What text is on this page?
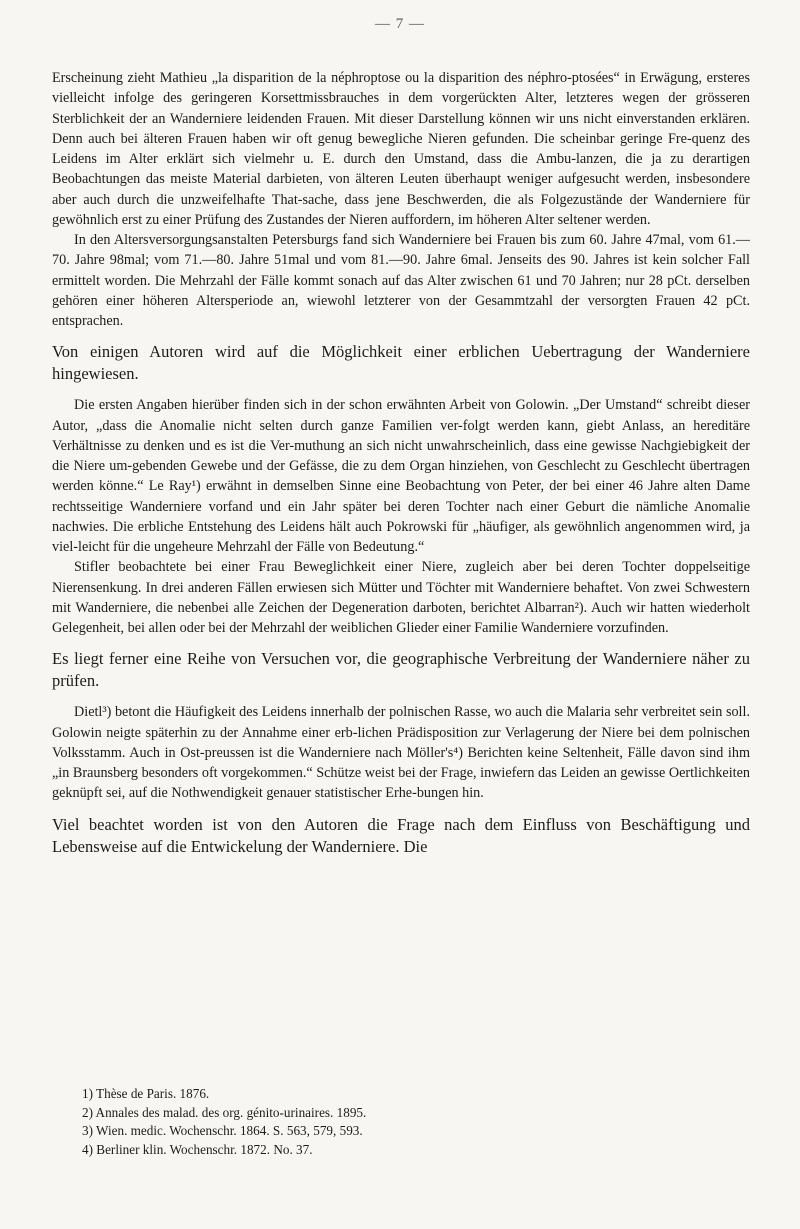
— 7 —

Erscheinung zieht Mathieu „la disparition de la néphroptose ou la disparition des néphro-ptosées“ in Erwägung, ersteres vielleicht infolge des geringeren Korsettmissbrauches in dem vorgerückten Alter, letzteres wegen der grösseren Sterblichkeit der an Wanderniere leidenden Frauen. Mit dieser Darstellung können wir uns nicht einverstanden erklären. Denn auch bei älteren Frauen haben wir oft genug bewegliche Nieren gefunden. Die scheinbar geringe Fre-quenz des Leidens im Alter erklärt sich vielmehr u. E. durch den Umstand, dass die Ambu-lanzen, die ja zu derartigen Beobachtungen das meiste Material darbieten, von älteren Leuten überhaupt weniger aufgesucht werden, insbesondere aber auch durch die unzweifelhafte That-sache, dass jene Beschwerden, die als Folgezustände der Wanderniere für gewöhnlich erst zu einer Prüfung des Zustandes der Nieren auffordern, im höheren Alter seltener werden.

In den Altersversorgungsanstalten Petersburgs fand sich Wanderniere bei Frauen bis zum 60. Jahre 47mal, vom 61.—70. Jahre 98mal; vom 71.—80. Jahre 51mal und vom 81.—90. Jahre 6mal. Jenseits des 90. Jahres ist kein solcher Fall ermittelt worden. Die Mehrzahl der Fälle kommt sonach auf das Alter zwischen 61 und 70 Jahren; nur 28 pCt. derselben gehören einer höheren Altersperiode an, wiewohl letzterer von der Gesammtzahl der versorgten Frauen 42 pCt. entsprachen.

Von einigen Autoren wird auf die Möglichkeit einer erblichen Uebertragung der Wanderniere hingewiesen.

Die ersten Angaben hierüber finden sich in der schon erwähnten Arbeit von Golowin. „Der Umstand“ schreibt dieser Autor, „dass die Anomalie nicht selten durch ganze Familien ver-folgt werden kann, giebt Anlass, an hereditäre Verhältnisse zu denken und es ist die Ver-muthung an sich nicht unwahrscheinlich, dass eine gewisse Nachgiebigkeit der die Niere um-gebenden Gewebe und der Gefässe, die zu dem Organ hinziehen, von Geschlecht zu Geschlecht übertragen werden könne.“ Le Ray¹) erwähnt in demselben Sinne eine Beobachtung von Peter, der bei einer 46 Jahre alten Dame rechtsseitige Wanderniere vorfand und ein Jahr später bei deren Tochter nach einer Geburt die nämliche Anomalie nachwies. Die erbliche Entstehung des Leidens hält auch Pokrowski für „häufiger, als gewöhnlich angenommen wird, ja viel-leicht für die ungeheure Mehrzahl der Fälle von Bedeutung.“

Stifler beobachtete bei einer Frau Beweglichkeit einer Niere, zugleich aber bei deren Tochter doppelseitige Nierensenkung. In drei anderen Fällen erwiesen sich Mütter und Töchter mit Wanderniere behaftet. Von zwei Schwestern mit Wanderniere, die nebenbei alle Zeichen der Degeneration darboten, berichtet Albarran²). Auch wir hatten wiederholt Gelegenheit, bei allen oder bei der Mehrzahl der weiblichen Glieder einer Familie Wanderniere vorzufinden.

Es liegt ferner eine Reihe von Versuchen vor, die geographische Verbreitung der Wanderniere näher zu prüfen.

Dietl³) betont die Häufigkeit des Leidens innerhalb der polnischen Rasse, wo auch die Malaria sehr verbreitet sein soll. Golowin neigte späterhin zu der Annahme einer erb-lichen Prädisposition zur Verlagerung der Niere bei dem polnischen Volksstamm. Auch in Ost-preussen ist die Wanderniere nach Möller's⁴) Berichten keine Seltenheit, Fälle davon sind ihm „in Braunsberg besonders oft vorgekommen.“ Schütze weist bei der Frage, inwiefern das Leiden an gewisse Oertlichkeiten geknüpft sei, auf die Nothwendigkeit genauer statistischer Erhe-bungen hin.

Viel beachtet worden ist von den Autoren die Frage nach dem Einfluss von Beschäftigung und Lebensweise auf die Entwickelung der Wanderniere. Die

1) Thèse de Paris. 1876.
2) Annales des malad. des org. génito-urinaires. 1895.
3) Wien. medic. Wochenschr. 1864. S. 563, 579, 593.
4) Berliner klin. Wochenschr. 1872. No. 37.
